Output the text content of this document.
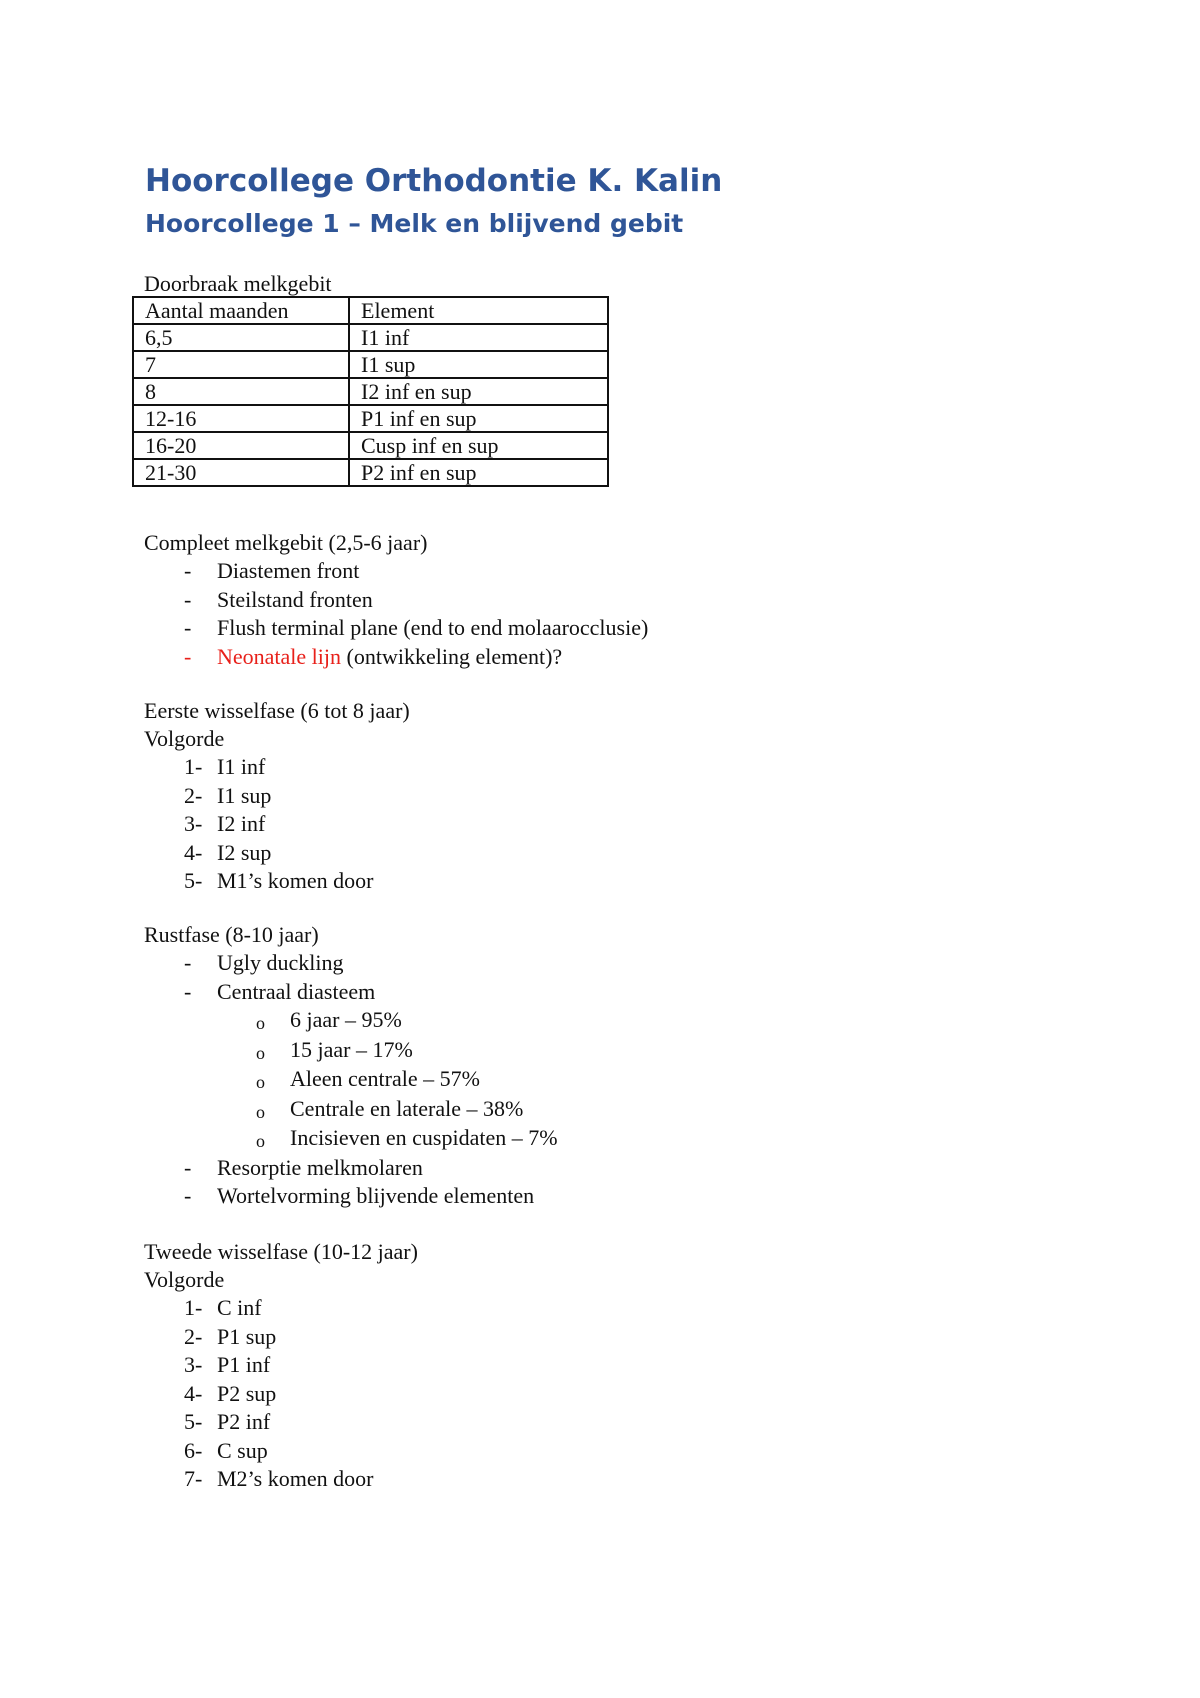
Hoorcollege Orthodontie K. Kalin
Hoorcollege 1 – Melk en blijvend gebit
Doorbraak melkgebit
Aantal maanden	Element
6,5	I1 inf
7	I1 sup
8	I2 inf en sup
12-16	P1 inf en sup
16-20	Cusp inf en sup
21-30	P2 inf en sup
Compleet melkgebit (2,5-6 jaar)
- Diastemen front
- Steilstand fronten
- Flush terminal plane (end to end molaarocclusie)
- Neonatale lijn (ontwikkeling element)?
Eerste wisselfase (6 tot 8 jaar)
Volgorde
1- I1 inf
2- I1 sup
3- I2 inf
4- I2 sup
5- M1’s komen door
Rustfase (8-10 jaar)
- Ugly duckling
- Centraal diasteem
o 6 jaar – 95%
o 15 jaar – 17%
o Aleen centrale – 57%
o Centrale en laterale – 38%
o Incisieven en cuspidaten – 7%
- Resorptie melkmolaren
- Wortelvorming blijvende elementen
Tweede wisselfase (10-12 jaar)
Volgorde
1- C inf
2- P1 sup
3- P1 inf
4- P2 sup
5- P2 inf
6- C sup
7- M2’s komen door
